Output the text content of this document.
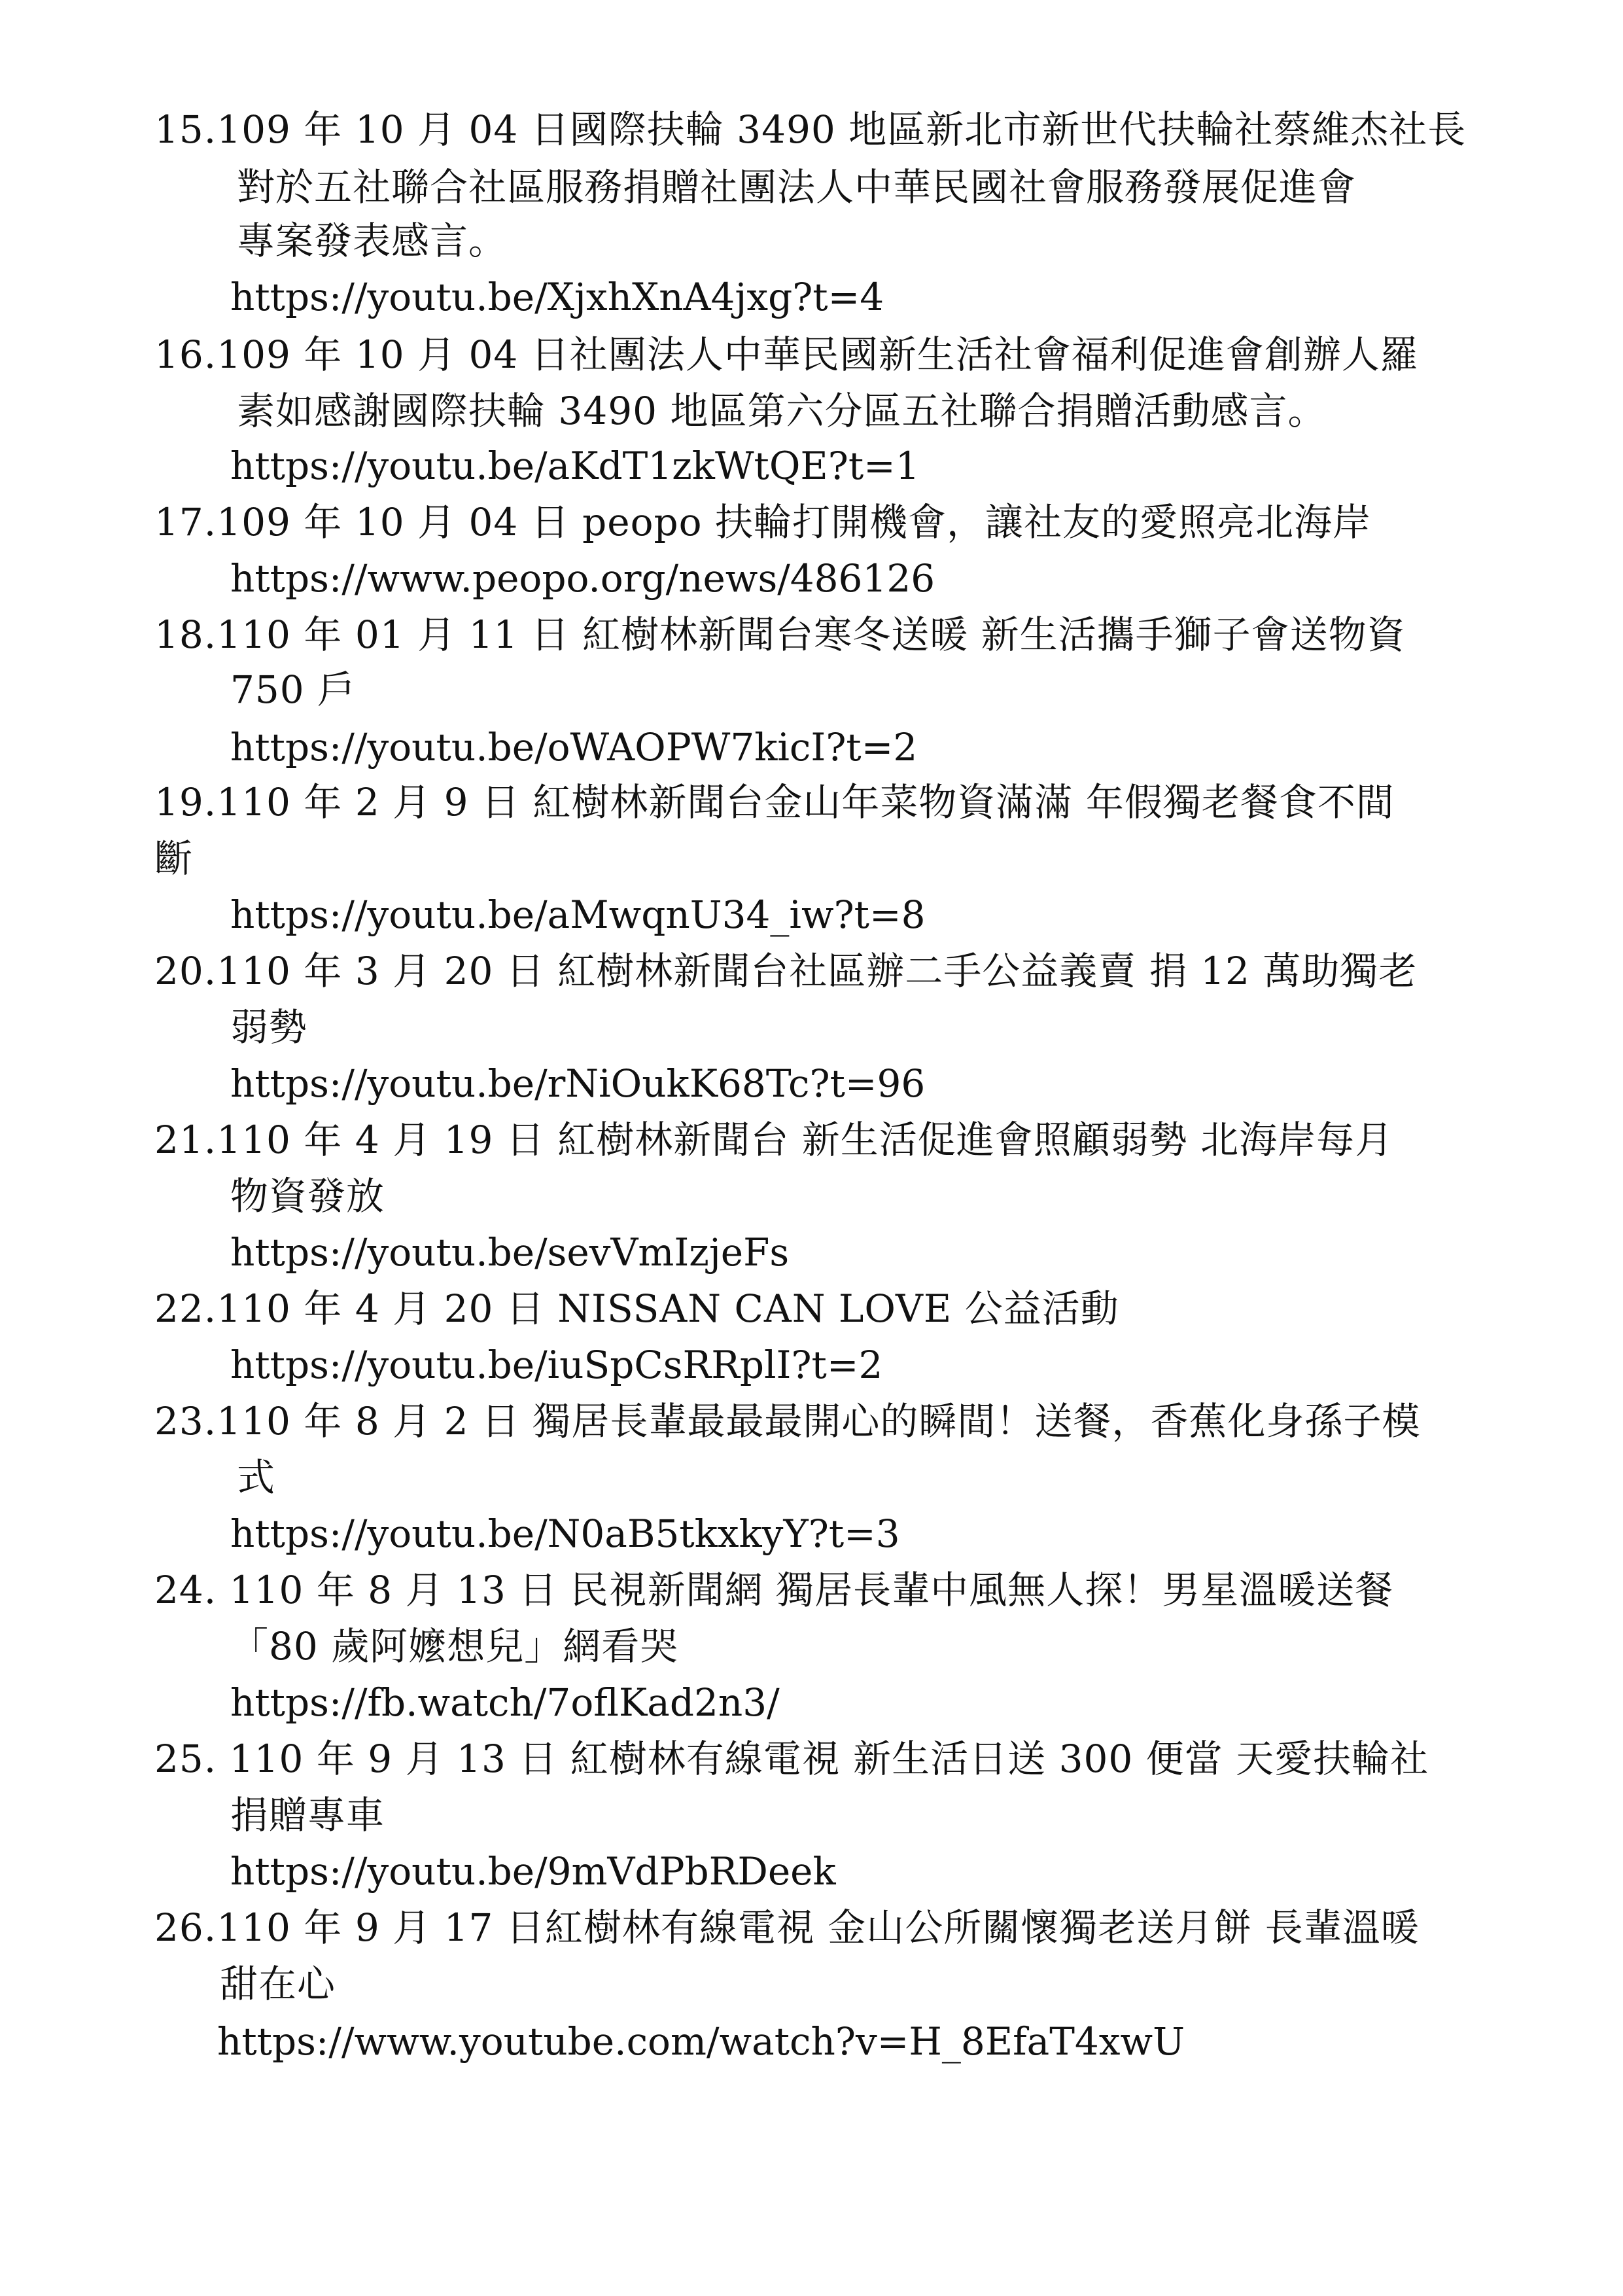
15.109 年 10 月 04 日國際扶輪 3490 地區新北市新世代扶輪社蔡維杰社長
對於五社聯合社區服務捐贈社團法人中華民國社會服務發展促進會
專案發表感言。
https://youtu.be/XjxhXnA4jxg?t=4
16.109 年 10 月 04 日社團法人中華民國新生活社會福利促進會創辦人羅
素如感謝國際扶輪 3490 地區第六分區五社聯合捐贈活動感言。
https://youtu.be/aKdT1zkWtQE?t=1
17.109 年 10 月 04 日 peopo 扶輪打開機會，讓社友的愛照亮北海岸
https://www.peopo.org/news/486126
18.110 年 01 月 11 日 紅樹林新聞台寒冬送暖 新生活攜手獅子會送物資
750 戶
https://youtu.be/oWAOPW7kicI?t=2
19.110 年 2 月 9 日 紅樹林新聞台金山年菜物資滿滿 年假獨老餐食不間
斷
https://youtu.be/aMwqnU34_iw?t=8
20.110 年 3 月 20 日 紅樹林新聞台社區辦二手公益義賣 捐 12 萬助獨老
弱勢
https://youtu.be/rNiOukK68Tc?t=96
21.110 年 4 月 19 日 紅樹林新聞台 新生活促進會照顧弱勢 北海岸每月
物資發放
https://youtu.be/sevVmIzjeFs
22.110 年 4 月 20 日 NISSAN CAN LOVE 公益活動
https://youtu.be/iuSpCsRRplI?t=2
23.110 年 8 月 2 日 獨居長輩最最最開心的瞬間！送餐，香蕉化身孫子模
式
https://youtu.be/N0aB5tkxkyY?t=3
24. 110 年 8 月 13 日 民視新聞網 獨居長輩中風無人探！男星溫暖送餐
「80 歲阿嬤想兒」網看哭
https://fb.watch/7oflKad2n3/
25. 110 年 9 月 13 日 紅樹林有線電視 新生活日送 300 便當 天愛扶輪社
捐贈專車
https://youtu.be/9mVdPbRDeek
26.110 年 9 月 17 日紅樹林有線電視 金山公所關懷獨老送月餅 長輩溫暖
甜在心
https://www.youtube.com/watch?v=H_8EfaT4xwU
